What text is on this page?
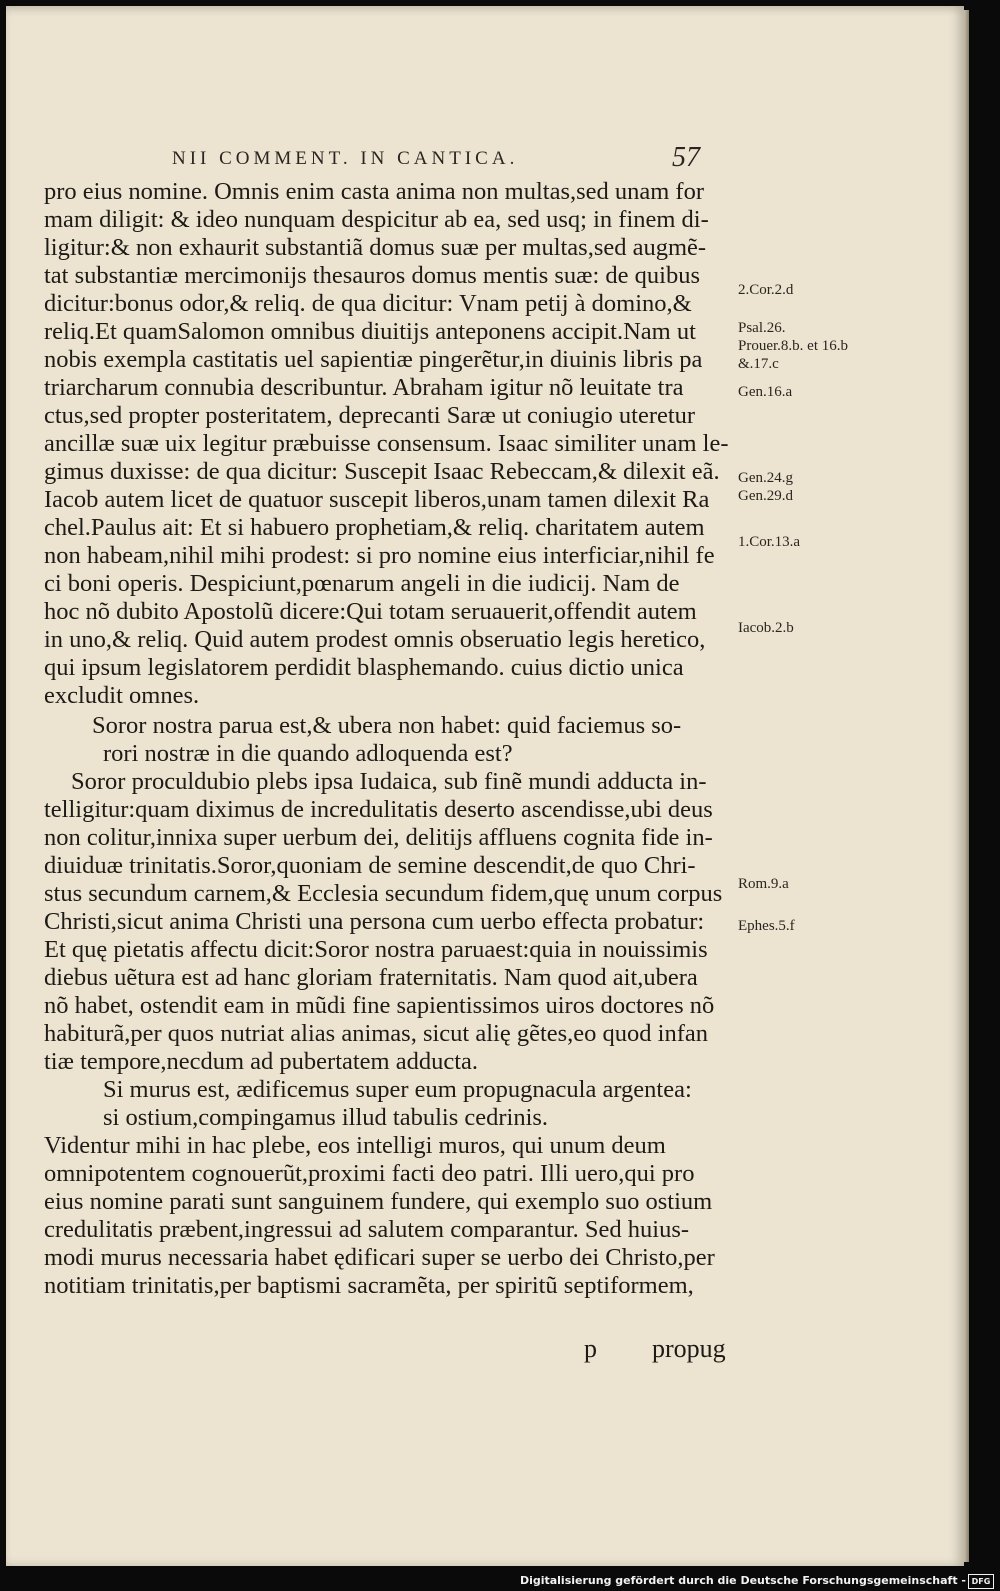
NII COMMENT. IN CANTICA.	57
pro eius nomine. Omnis enim casta anima non multas,sed unam for
mam diligit: & ideo nunquam despicitur ab ea, sed usq; in finem di-
ligitur:& non exhaurit substantiã domus suæ per multas,sed augmẽ-
tat substantiæ mercimonijs thesauros domus mentis suæ: de quibus
dicitur:bonus odor,& reliq. de qua dicitur: Vnam petij à domino,&
reliq.Et quamSalomon omnibus diuitijs anteponens accipit.Nam ut
nobis exempla castitatis uel sapientiæ pingerẽtur,in diuinis libris pa
triarcharum connubia describuntur. Abraham igitur nõ leuitate tra
ctus,sed propter posteritatem, deprecanti Saræ ut coniugio uteretur
ancillæ suæ uix legitur præbuisse consensum. Isaac similiter unam le-
gimus duxisse: de qua dicitur: Suscepit Isaac Rebeccam,& dilexit eã.
Iacob autem licet de quatuor suscepit liberos,unam tamen dilexit Ra
chel.Paulus ait: Et si habuero prophetiam,& reliq. charitatem autem
non habeam,nihil mihi prodest: si pro nomine eius interficiar,nihil fe
ci boni operis. Despiciunt,pœnarum angeli in die iudicij. Nam de
hoc nõ dubito Apostolũ dicere:Qui totam seruauerit,offendit autem
in uno,& reliq. Quid autem prodest omnis obseruatio legis heretico,
qui ipsum legislatorem perdidit blasphemando. cuius dictio unica
excludit omnes.
Soror nostra parua est,& ubera non habet: quid faciemus so-
rori nostræ in die quando adloquenda est?
Soror proculdubio plebs ipsa Iudaica, sub finẽ mundi adducta in-
telligitur:quam diximus de incredulitatis deserto ascendisse,ubi deus
non colitur,innixa super uerbum dei, delitijs affluens cognita fide in-
diuiduæ trinitatis.Soror,quoniam de semine descendit,de quo Chri-
stus secundum carnem,& Ecclesia secundum fidem,quę unum corpus
Christi,sicut anima Christi una persona cum uerbo effecta probatur:
Et quę pietatis affectu dicit:Soror nostra paruaest:quia in nouissimis
diebus uẽtura est ad hanc gloriam fraternitatis. Nam quod ait,ubera
nõ habet, ostendit eam in mũdi fine sapientissimos uiros doctores nõ
habiturã,per quos nutriat alias animas, sicut alię gẽtes,eo quod infan
tiæ tempore,necdum ad pubertatem adducta.
Si murus est, ædificemus super eum propugnacula argentea:
si ostium,compingamus illud tabulis cedrinis.
Videntur mihi in hac plebe, eos intelligi muros, qui unum deum
omnipotentem cognouerũt,proximi facti deo patri. Illi uero,qui pro
eius nomine parati sunt sanguinem fundere, qui exemplo suo ostium
credulitatis præbent,ingressui ad salutem comparantur. Sed huius-
modi murus necessaria habet ędificari super se uerbo dei Christo,per
notitiam trinitatis,per baptismi sacramẽta, per spiritũ septiformem,
2.Cor.2.d
Psal.26.
Prouer.8.b. et 16.b
&.17.c
Gen.16.a
Gen.24.g
Gen.29.d
1.Cor.13.a
Iacob.2.b
Rom.9.a
Ephes.5.f
p propug
Digitalisierung gefördert durch die Deutsche Forschungsgemeinschaft - DFG
